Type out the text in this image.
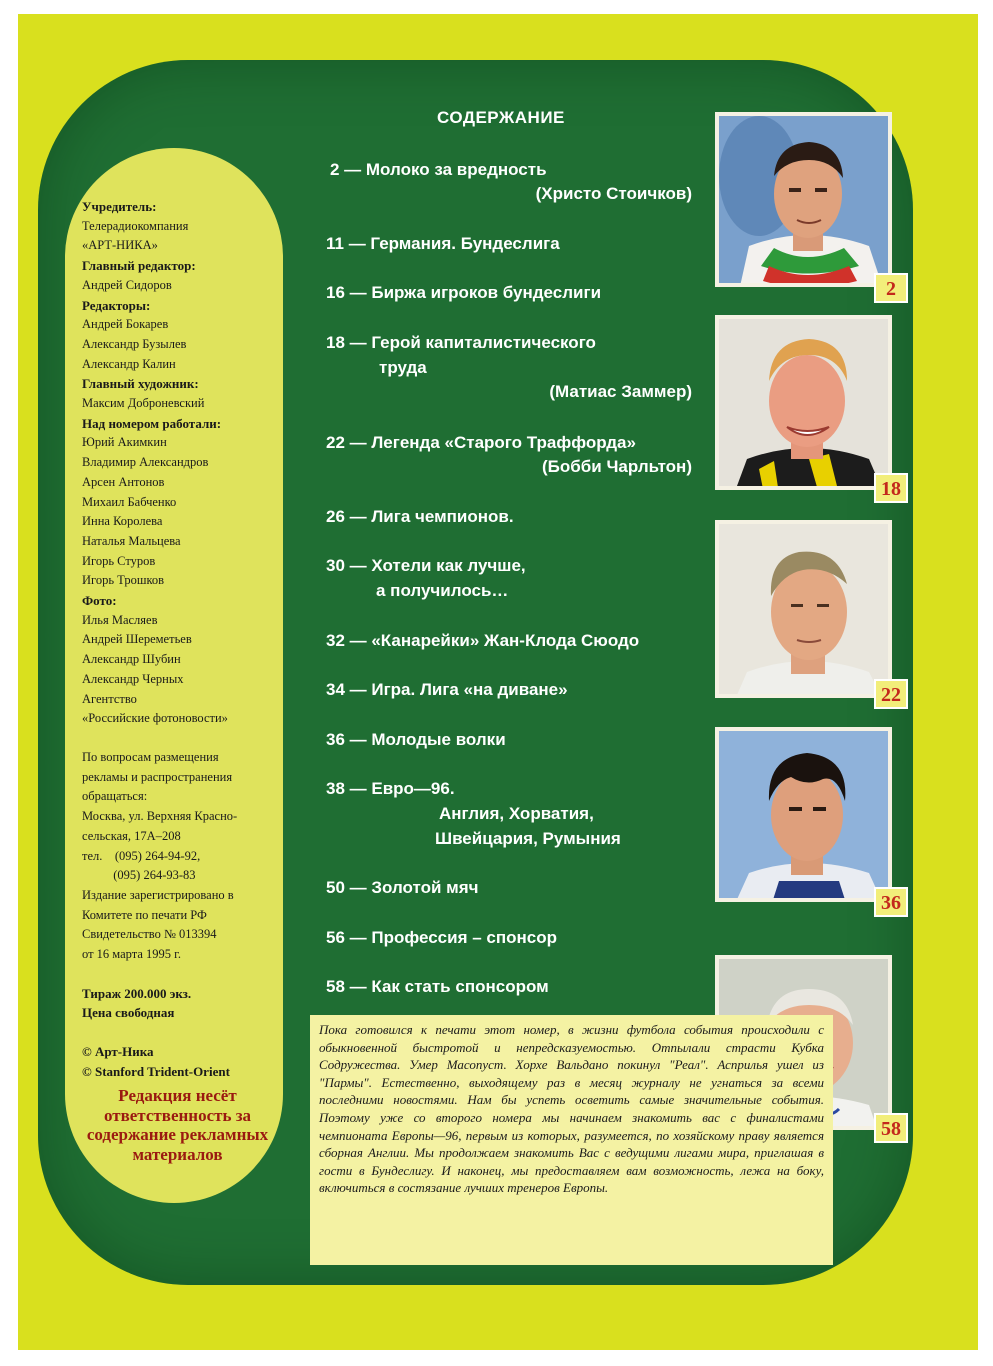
Учредитель:
Телерадиокомпания
«АРТ-НИКА»
Главный редактор:
Андрей Сидоров
Редакторы:
Андрей Бокарев
Александр Бузылев
Александр Калин
Главный художник:
Максим Доброневский
Над номером работали:
Юрий Акимкин
Владимир Александров
Арсен Антонов
Михаил Бабченко
Инна Королева
Наталья Мальцева
Игорь Стуров
Игорь Трошков
Фото:
Илья Масляев
Андрей Шереметьев
Александр Шубин
Александр Черных
Агентство
«Российские фотоновости»
По вопросам размещения
рекламы и распространения
обращаться:
Москва, ул. Верхняя Красно-
сельская, 17А–208
тел.    (095) 264-94-92,
(095) 264-93-83
Издание зарегистрировано в
Комитете по печати РФ
Свидетельство № 013394
от 16 марта 1995 г.
Тираж 200.000 экз.
Цена свободная
© Арт-Ника
© Stanford Trident-Orient
Редакция несёт ответственность за содержание рекламных материалов
СОДЕРЖАНИЕ
2 — Молоко за вредность
(Христо Стоичков)
11 — Германия. Бундеслига
16 — Биржа игроков бундеслиги
18 — Герой капиталистического
труда
(Матиас Заммер)
22 — Легенда «Старого Траффорда»
(Бобби Чарльтон)
26 — Лига чемпионов.
30 — Хотели как лучше,
а получилось…
32 — «Канарейки» Жан-Клода Сюодо
34 — Игра. Лига «на диване»
36 — Молодые волки
38 — Евро—96.
Англия, Хорватия,
Швейцария, Румыния
50 — Золотой мяч
56 — Профессия – спонсор
58 — Как стать спонсором
2
18
22
36
58
Пока готовился к печати этот номер, в жизни футбола события происходили с обыкновенной быстротой и непредсказуемостью. Отпылали страсти Кубка Содружества. Умер Масопуст. Хорхе Вальдано покинул "Реал". Асприлья ушел из "Пармы". Естественно, выходящему раз в месяц журналу не угнаться за всеми последними новостями. Нам бы успеть осветить самые значительные события. Поэтому уже со второго номера мы начинаем знакомить вас с финалистами чемпионата Европы—96, первым из которых, разумеется, по хозяйскому праву является сборная Англии. Мы продолжаем знакомить Вас с ведущими лигами мира, приглашая в гости в Бундеслигу. И наконец, мы предоставляем вам возможность, лежа на боку, включиться в состязание лучших тренеров Европы.
